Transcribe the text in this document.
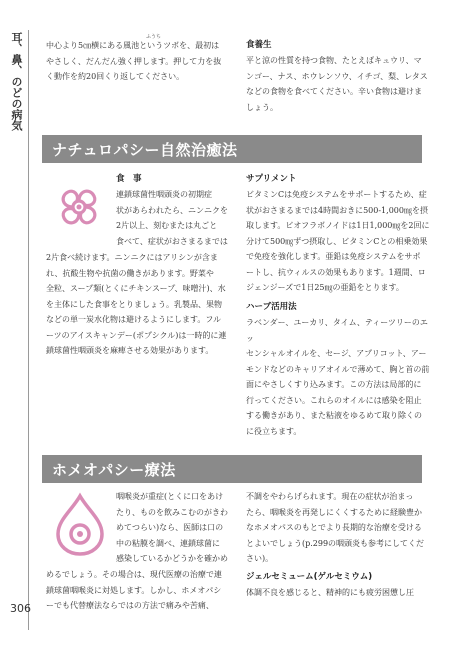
耳、鼻、のどの病気
306

中心より5㎝横にある風池というツボを、最初は

やさしく、だんだん強く押します。押して力を抜

く動作を約20回くり返してください。

ふうち

食養生

平と涼の性質を持つ食物、たとえばキュウリ、マ

ンゴー、ナス、ホウレンソウ、イチゴ、梨、レタス

などの食物を食べてください。辛い食物は避けま

しょう。

ナチュロパシー自然治癒法

食　事

連鎖球菌性咽頭炎の初期症

状があらわれたら、ニンニクを

2片以上、刻むまたは丸ごと

食べて、症状がおさまるまでは

2片食べ続けます。ニンニクにはアリシンが含ま

れ、抗酸生物や抗菌の働きがあります。野菜や

全粒、スープ類(とくにチキンスープ、味噌汁)、水

を主体にした食事をとりましょう。乳製品、果物

などの単一炭水化物は避けるようにします。フル

ーツのアイスキャンデー(ポプシクル)は一時的に連

鎖球菌性咽頭炎を麻痺させる効果があります。

サプリメント

ビタミンCは免疫システムをサポートするため、症

状がおさまるまでは4時間おきに500-1,000㎎を摂

取します。ビオフラボノイドは1日1,000㎎を2回に

分けて500㎎ずつ摂取し、ビタミンCとの相乗効果

で免疫を強化します。亜鉛は免疫システムをサポ

ートし、抗ウィルスの効果もあります。1週間、ロ

ジェンジーズで1日25㎎の亜鉛をとります。

ハーブ活用法

ラベンダー、ユーカリ、タイム、ティーツリーのエッ

センシャルオイルを、セージ、アプリコット、アー

モンドなどのキャリアオイルで薄めて、胸と首の前

面にやさしくすり込みます。この方法は局部的に

行ってください。これらのオイルには感染を阻止

する働きがあり、また粘液をゆるめて取り除くの

に役立ちます。

ホメオパシー療法

咽喉炎が重症(とくに口をあけ

たり、ものを飲みこむのがきわ

めてつらい)なら、医師は口の

中の粘膜を調べ、連鎖球菌に

感染しているかどうかを確かめ

めるでしょう。その場合は、現代医療の治療で連

鎖球菌咽喉炎に対処します。しかし、ホメオパシ

ーでも代替療法ならではの方法で痛みや苦痛、

不調をやわらげられます。現在の症状が治まっ

たら、咽喉炎を再発しにくくするために経験豊か

なホメオパスのもとでより長期的な治療を受ける

とよいでしょう(p.299の咽頭炎も参考にしてくだ

さい)。

ジェルセミューム(ゲルセミウム)

体調不良を感じると、精神的にも疲労困憊し圧
